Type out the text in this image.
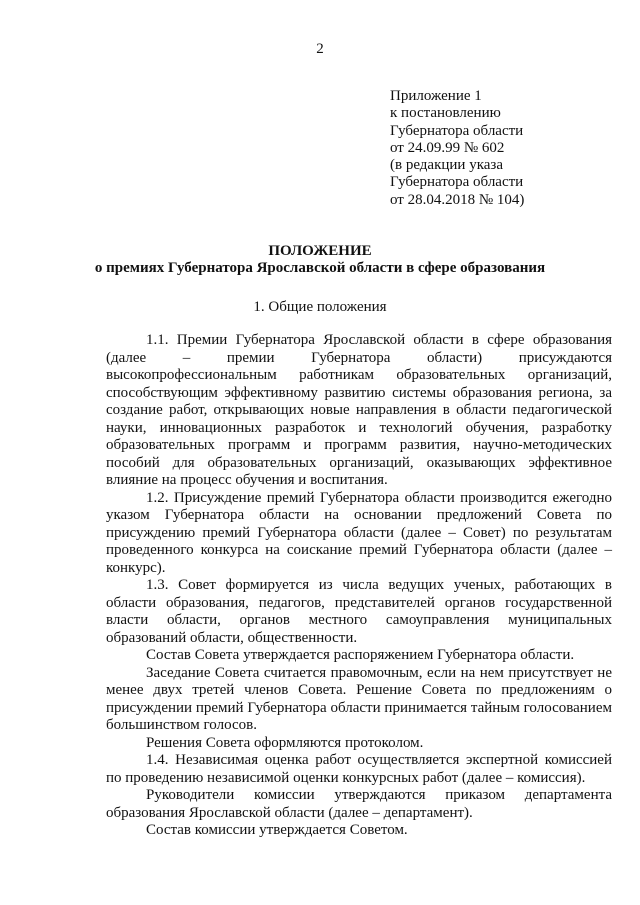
2
Приложение 1
к постановлению
Губернатора области
от 24.09.99 № 602
(в редакции указа
Губернатора области
от 28.04.2018 № 104)
ПОЛОЖЕНИЕ
о премиях Губернатора Ярославской области в сфере образования
1. Общие положения

1.1. Премии Губернатора Ярославской области в сфере образования (далее – премии Губернатора области) присуждаются высокопрофессиональным работникам образовательных организаций, способствующим эффективному развитию системы образования региона, за создание работ, открывающих новые направления в области педагогической науки, инновационных разработок и технологий обучения, разработку образовательных программ и программ развития, научно-методических пособий для образовательных организаций, оказывающих эффективное влияние на процесс обучения и воспитания.

1.2. Присуждение премий Губернатора области производится ежегодно указом Губернатора области на основании предложений Совета по присуждению премий Губернатора области (далее – Совет) по результатам проведенного конкурса на соискание премий Губернатора области (далее – конкурс).

1.3. Совет формируется из числа ведущих ученых, работающих в области образования, педагогов, представителей органов государственной власти области, органов местного самоуправления муниципальных образований области, общественности.

Состав Совета утверждается распоряжением Губернатора области.

Заседание Совета считается правомочным, если на нем присутствует не менее двух третей членов Совета. Решение Совета по предложениям о присуждении премий Губернатора области принимается тайным голосованием большинством голосов.

Решения Совета оформляются протоколом.

1.4. Независимая оценка работ осуществляется экспертной комиссией по проведению независимой оценки конкурсных работ (далее – комиссия).

Руководители комиссии утверждаются приказом департамента образования Ярославской области (далее – департамент).

Состав комиссии утверждается Советом.
